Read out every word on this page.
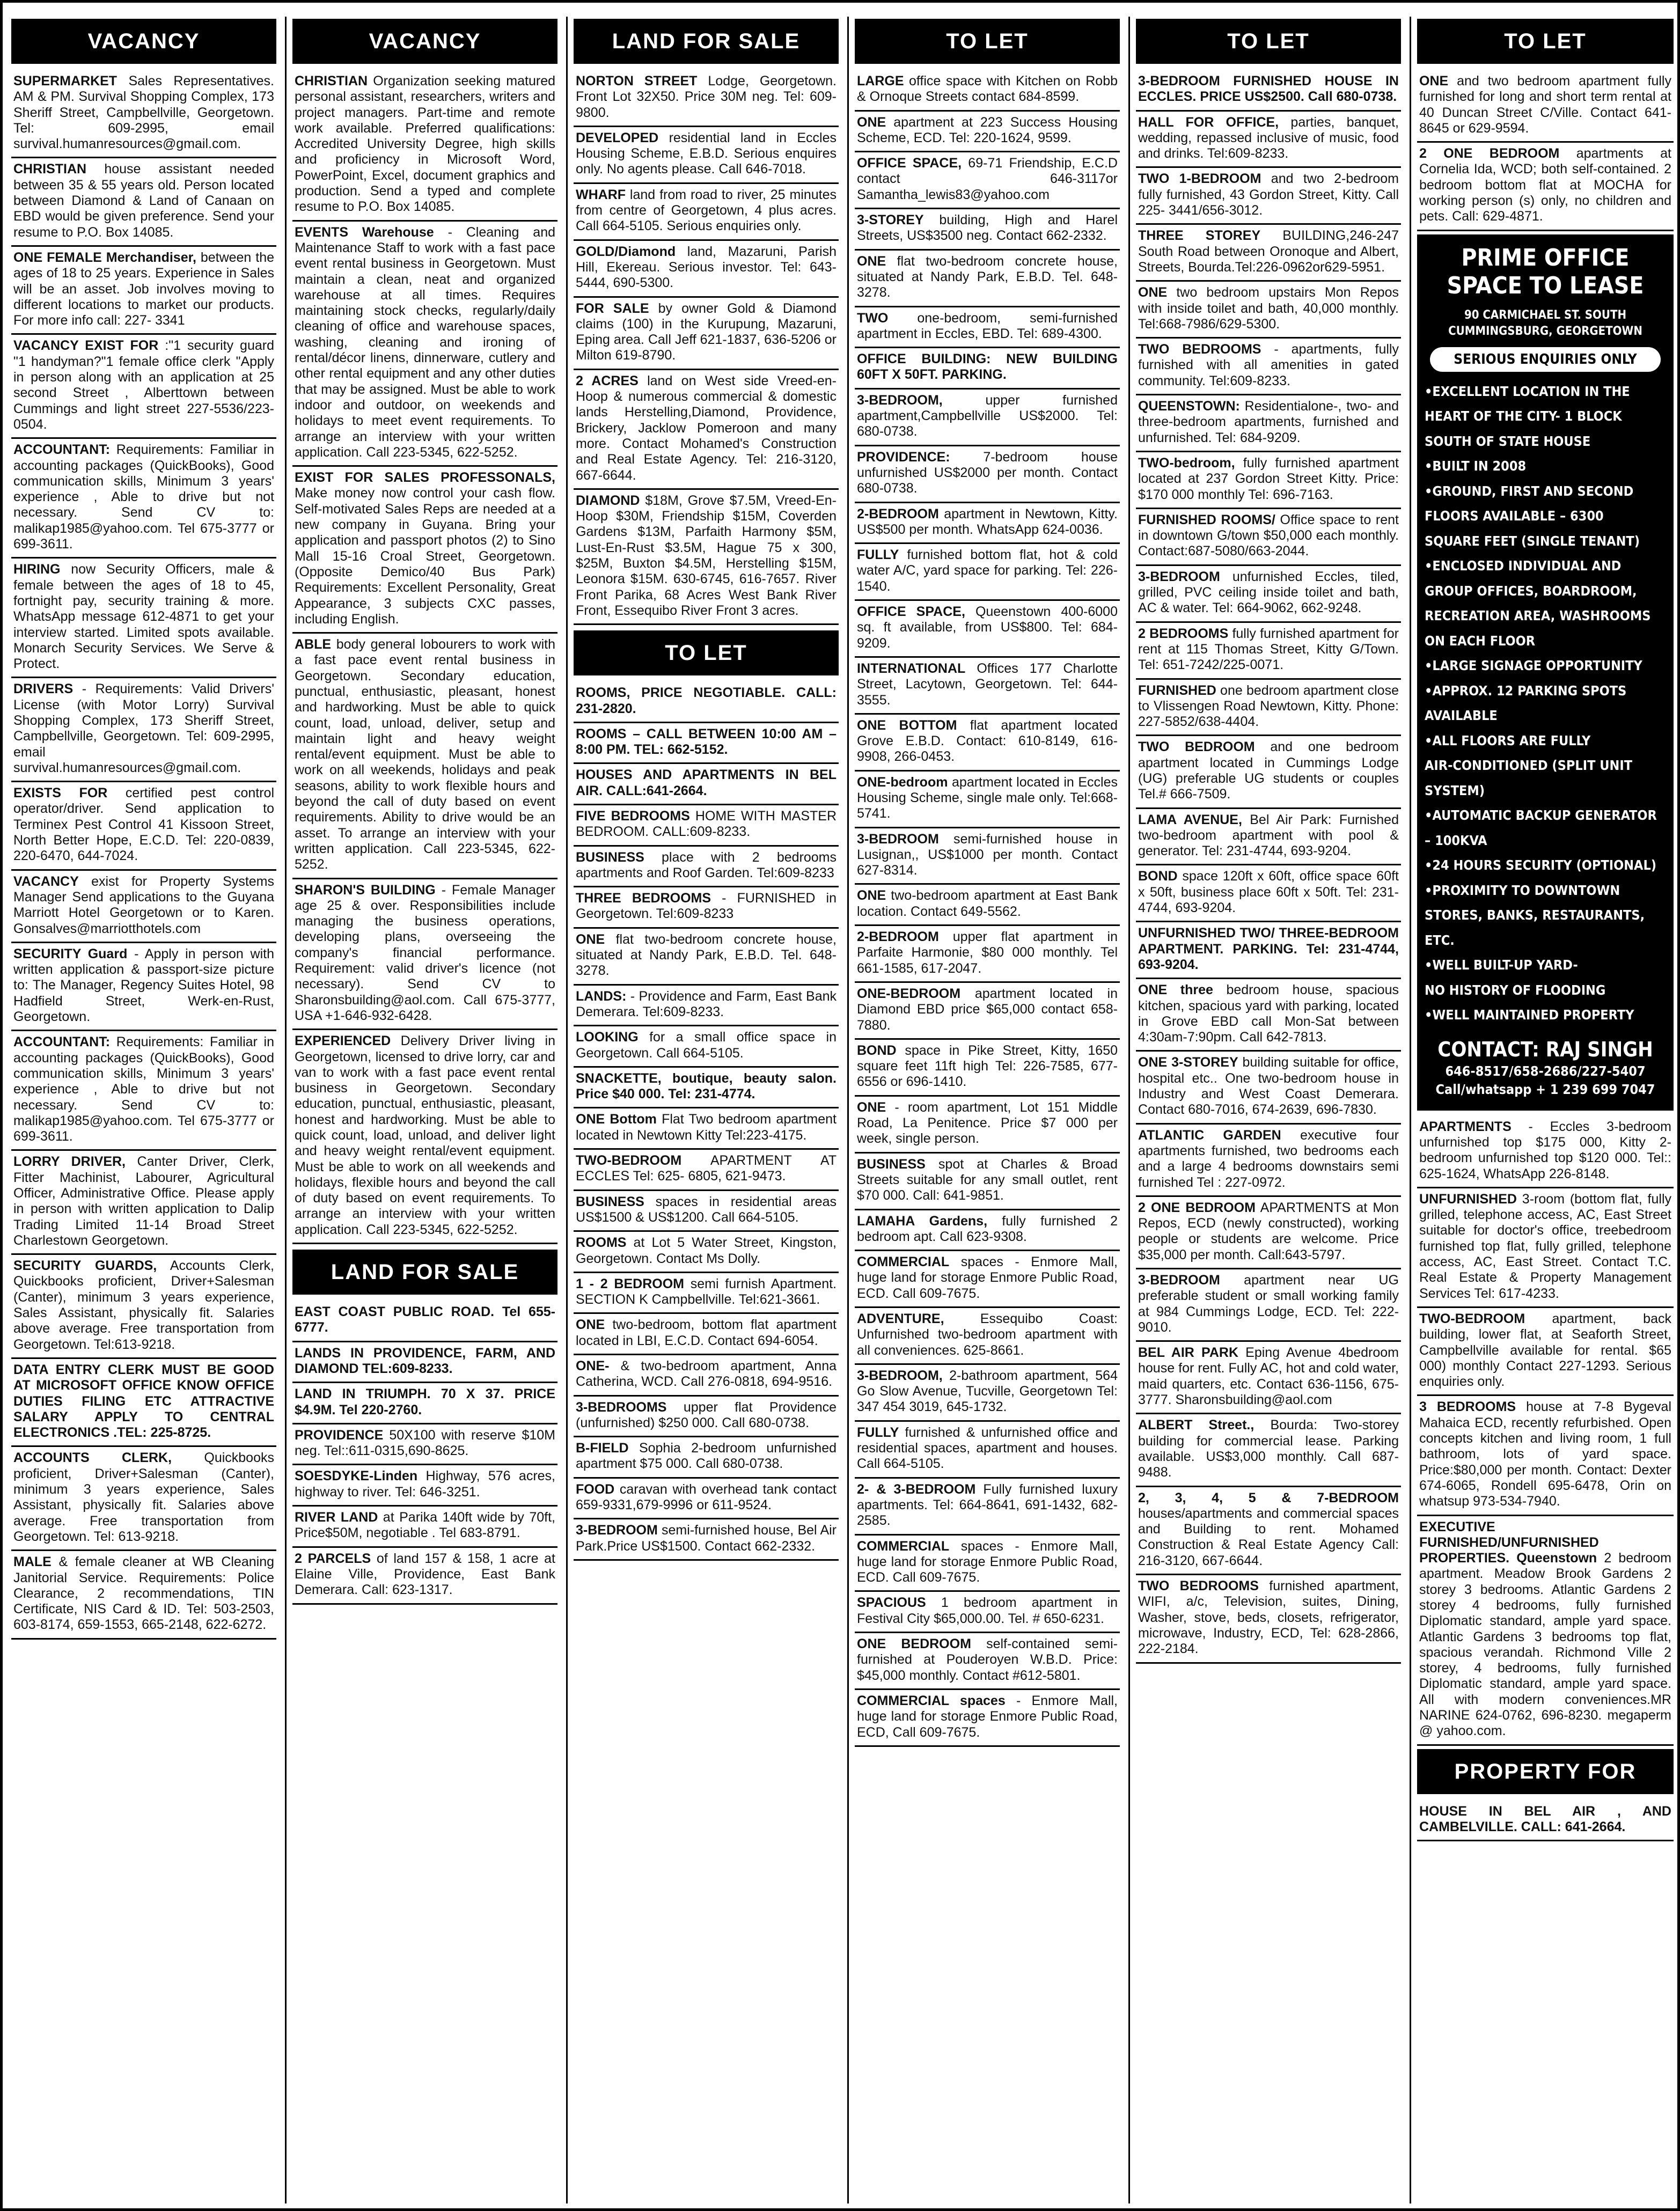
VACANCY
SUPERMARKET Sales Representatives. AM & PM. Survival Shopping Complex, 173 Sheriff Street, Campbellville, Georgetown. Tel: 609-2995, email survival.humanresources@gmail.com.
CHRISTIAN house assistant needed between 35 & 55 years old. Person located between Diamond & Land of Canaan on EBD would be given preference. Send your resume to P.O. Box 14085.
ONE FEMALE Merchandiser, between the ages of 18 to 25 years. Experience in Sales will be an asset. Job involves moving to different locations to market our products. For more info call: 227- 3341
VACANCY EXIST FOR :"1 security guard "1 handyman?"1 female office clerk "Apply in person along with an application at 25 second Street , Alberttown between Cummings and light street 227-5536/223-0504.
ACCOUNTANT: Requirements: Familiar in accounting packages (QuickBooks), Good communication skills, Minimum 3 years' experience , Able to drive but not necessary. Send CV to: malikap1985@yahoo.com. Tel 675-3777 or 699-3611.
HIRING now Security Officers, male & female between the ages of 18 to 45, fortnight pay, security training & more. WhatsApp message 612-4871 to get your interview started. Limited spots available. Monarch Security Services. We Serve & Protect.
DRIVERS - Requirements: Valid Drivers' License (with Motor Lorry) Survival Shopping Complex, 173 Sheriff Street, Campbellville, Georgetown. Tel: 609-2995, email survival.humanresources@gmail.com.
EXISTS FOR certified pest control operator/driver. Send application to Terminex Pest Control 41 Kissoon Street, North Better Hope, E.C.D. Tel: 220-0839, 220-6470, 644-7024.
VACANCY exist for Property Systems Manager Send applications to the Guyana Marriott Hotel Georgetown or to Karen. Gonsalves@marriotthotels.com
SECURITY Guard - Apply in person with written application & passport-size picture to: The Manager, Regency Suites Hotel, 98 Hadfield Street, Werk-en-Rust, Georgetown.
ACCOUNTANT: Requirements: Familiar in accounting packages (QuickBooks), Good communication skills, Minimum 3 years' experience , Able to drive but not necessary. Send CV to: malikap1985@yahoo.com. Tel 675-3777 or 699-3611.
LORRY DRIVER, Canter Driver, Clerk, Fitter Machinist, Labourer, Agricultural Officer, Administrative Office. Please apply in person with written application to Dalip Trading Limited 11-14 Broad Street Charlestown Georgetown.
SECURITY GUARDS, Accounts Clerk, Quickbooks proficient, Driver+Salesman (Canter), minimum 3 years experience, Sales Assistant, physically fit. Salaries above average. Free transportation from Georgetown. Tel:613-9218.
DATA ENTRY CLERK MUST BE GOOD AT MICROSOFT OFFICE KNOW OFFICE DUTIES FILING ETC ATTRACTIVE SALARY APPLY TO CENTRAL ELECTRONICS .TEL: 225-8725.
ACCOUNTS CLERK, Quickbooks proficient, Driver+Salesman (Canter), minimum 3 years experience, Sales Assistant, physically fit. Salaries above average. Free transportation from Georgetown. Tel: 613-9218.
MALE & female cleaner at WB Cleaning Janitorial Service. Requirements: Police Clearance, 2 recommendations, TIN Certificate, NIS Card & ID. Tel: 503-2503, 603-8174, 659-1553, 665-2148, 622-6272.
VACANCY
CHRISTIAN Organization seeking matured personal assistant, researchers, writers and project managers. Part-time and remote work available. Preferred qualifications: Accredited University Degree, high skills and proficiency in Microsoft Word, PowerPoint, Excel, document graphics and production. Send a typed and complete resume to P.O. Box 14085.
EVENTS Warehouse - Cleaning and Maintenance Staff to work with a fast pace event rental business in Georgetown. Must maintain a clean, neat and organized warehouse at all times. Requires maintaining stock checks, regularly/daily cleaning of office and warehouse spaces, washing, cleaning and ironing of rental/décor linens, dinnerware, cutlery and other rental equipment and any other duties that may be assigned. Must be able to work indoor and outdoor, on weekends and holidays to meet event requirements. To arrange an interview with your written application. Call 223-5345, 622-5252.
EXIST FOR SALES PROFESSONALS, Make money now control your cash flow. Self-motivated Sales Reps are needed at a new company in Guyana. Bring your application and passport photos (2) to Sino Mall 15-16 Croal Street, Georgetown. (Opposite Demico/40 Bus Park) Requirements: Excellent Personality, Great Appearance, 3 subjects CXC passes, including English.
ABLE body general lobourers to work with a fast pace event rental business in Georgetown. Secondary education, punctual, enthusiastic, pleasant, honest and hardworking. Must be able to quick count, load, unload, deliver, setup and maintain light and heavy weight rental/event equipment. Must be able to work on all weekends, holidays and peak seasons, ability to work flexible hours and beyond the call of duty based on event requirements. Ability to drive would be an asset. To arrange an interview with your written application. Call 223-5345, 622-5252.
SHARON'S BUILDING - Female Manager age 25 & over. Responsibilities include managing the business operations, developing plans, overseeing the company's financial performance. Requirement: valid driver's licence (not necessary). Send CV to Sharonsbuilding@aol.com. Call 675-3777, USA +1-646-932-6428.
EXPERIENCED Delivery Driver living in Georgetown, licensed to drive lorry, car and van to work with a fast pace event rental business in Georgetown. Secondary education, punctual, enthusiastic, pleasant, honest and hardworking. Must be able to quick count, load, unload, and deliver light and heavy weight rental/event equipment. Must be able to work on all weekends and holidays, flexible hours and beyond the call of duty based on event requirements. To arrange an interview with your written application. Call 223-5345, 622-5252.
LAND FOR SALE
EAST COAST PUBLIC ROAD. Tel 655-6777.
LANDS IN PROVIDENCE, FARM, AND DIAMOND TEL:609-8233.
LAND IN TRIUMPH. 70 X 37. PRICE $4.9M. Tel 220-2760.
PROVIDENCE 50X100 with reserve $10M neg. Tel::611-0315,690-8625.
SOESDYKE-Linden Highway, 576 acres, highway to river. Tel: 646-3251.
RIVER LAND at Parika 140ft wide by 70ft, Price$50M, negotiable . Tel 683-8791.
2 PARCELS of land 157 & 158, 1 acre at Elaine Ville, Providence, East Bank Demerara. Call: 623-1317.
LAND FOR SALE
NORTON STREET Lodge, Georgetown. Front Lot 32X50. Price 30M neg. Tel: 609-9800.
DEVELOPED residential land in Eccles Housing Scheme, E.B.D. Serious enquires only. No agents please. Call 646-7018.
WHARF land from road to river, 25 minutes from centre of Georgetown, 4 plus acres. Call 664-5105. Serious enquiries only.
GOLD/Diamond land, Mazaruni, Parish Hill, Ekereau. Serious investor. Tel: 643-5444, 690-5300.
FOR SALE by owner Gold & Diamond claims (100) in the Kurupung, Mazaruni, Eping area. Call Jeff 621-1837, 636-5206 or Milton 619-8790.
2 ACRES land on West side Vreed-en-Hoop & numerous commercial & domestic lands Herstelling,Diamond, Providence, Brickery, Jacklow Pomeroon and many more. Contact Mohamed's Construction and Real Estate Agency. Tel: 216-3120, 667-6644.
DIAMOND $18M, Grove $7.5M, Vreed-En-Hoop $30M, Friendship $15M, Coverden Gardens $13M, Parfaith Harmony $5M, Lust-En-Rust $3.5M, Hague 75 x 300, $25M, Buxton $4.5M, Herstelling $15M, Leonora $15M. 630-6745, 616-7657. River Front Parika, 68 Acres West Bank River Front, Essequibo River Front 3 acres.
TO LET
ROOMS, PRICE NEGOTIABLE. CALL: 231-2820.
ROOMS – CALL BETWEEN 10:00 AM – 8:00 PM. TEL: 662-5152.
HOUSES AND APARTMENTS IN BEL AIR. CALL:641-2664.
FIVE BEDROOMS HOME WITH MASTER BEDROOM. CALL:609-8233.
BUSINESS place with 2 bedrooms apartments and Roof Garden. Tel:609-8233
THREE BEDROOMS - FURNISHED in Georgetown. Tel:609-8233
ONE flat two-bedroom concrete house, situated at Nandy Park, E.B.D. Tel. 648-3278.
LANDS: - Providence and Farm, East Bank Demerara. Tel:609-8233.
LOOKING for a small office space in Georgetown. Call 664-5105.
SNACKETTE, boutique, beauty salon. Price $40 000. Tel: 231-4774.
ONE Bottom Flat Two bedroom apartment located in Newtown Kitty Tel:223-4175.
TWO-BEDROOM APARTMENT AT ECCLES Tel: 625- 6805, 621-9473.
BUSINESS spaces in residential areas US$1500 & US$1200. Call 664-5105.
ROOMS at Lot 5 Water Street, Kingston, Georgetown. Contact Ms Dolly.
1 - 2 BEDROOM semi furnish Apartment. SECTION K Campbellville. Tel:621-3661.
ONE two-bedroom, bottom flat apartment located in LBI, E.C.D. Contact 694-6054.
ONE- & two-bedroom apartment, Anna Catherina, WCD. Call 276-0818, 694-9516.
3-BEDROOMS upper flat Providence (unfurnished) $250 000. Call 680-0738.
B-FIELD Sophia 2-bedroom unfurnished apartment $75 000. Call 680-0738.
FOOD caravan with overhead tank contact 659-9331,679-9996 or 611-9524.
3-BEDROOM semi-furnished house, Bel Air Park.Price US$1500. Contact 662-2332.
TO LET
LARGE office space with Kitchen on Robb & Ornoque Streets contact 684-8599.
ONE apartment at 223 Success Housing Scheme, ECD. Tel: 220-1624, 9599.
OFFICE SPACE, 69-71 Friendship, E.C.D contact 646-3117or Samantha_lewis83@yahoo.com
3-STOREY building, High and Harel Streets, US$3500 neg. Contact 662-2332.
ONE flat two-bedroom concrete house, situated at Nandy Park, E.B.D. Tel. 648-3278.
TWO one-bedroom, semi-furnished apartment in Eccles, EBD. Tel: 689-4300.
OFFICE BUILDING: NEW BUILDING 60FT X 50FT. PARKING.
3-BEDROOM, upper furnished apartment,Campbellville US$2000. Tel: 680-0738.
PROVIDENCE: 7-bedroom house unfurnished US$2000 per month. Contact 680-0738.
2-BEDROOM apartment in Newtown, Kitty. US$500 per month. WhatsApp 624-0036.
FULLY furnished bottom flat, hot & cold water A/C, yard space for parking. Tel: 226-1540.
OFFICE SPACE, Queenstown 400-6000 sq. ft available, from US$800. Tel: 684-9209.
INTERNATIONAL Offices 177 Charlotte Street, Lacytown, Georgetown. Tel: 644-3555.
ONE BOTTOM flat apartment located Grove E.B.D. Contact: 610-8149, 616-9908, 266-0453.
ONE-bedroom apartment located in Eccles Housing Scheme, single male only. Tel:668-5741.
3-BEDROOM semi-furnished house in Lusignan,, US$1000 per month. Contact 627-8314.
ONE two-bedroom apartment at East Bank location. Contact 649-5562.
2-BEDROOM upper flat apartment in Parfaite Harmonie, $80 000 monthly. Tel 661-1585, 617-2047.
ONE-BEDROOM apartment located in Diamond EBD price $65,000 contact 658-7880.
BOND space in Pike Street, Kitty, 1650 square feet 11ft high Tel: 226-7585, 677-6556 or 696-1410.
ONE - room apartment, Lot 151 Middle Road, La Penitence. Price $7 000 per week, single person.
BUSINESS spot at Charles & Broad Streets suitable for any small outlet, rent $70 000. Call: 641-9851.
LAMAHA Gardens, fully furnished 2 bedroom apt. Call 623-9308.
COMMERCIAL spaces - Enmore Mall, huge land for storage Enmore Public Road, ECD. Call 609-7675.
ADVENTURE, Essequibo Coast: Unfurnished two-bedroom apartment with all conveniences. 625-8661.
3-BEDROOM, 2-bathroom apartment, 564 Go Slow Avenue, Tucville, Georgetown Tel: 347 454 3019, 645-1732.
FULLY furnished & unfurnished office and residential spaces, apartment and houses. Call 664-5105.
2- & 3-BEDROOM Fully furnished luxury apartments. Tel: 664-8641, 691-1432, 682-2585.
COMMERCIAL spaces - Enmore Mall, huge land for storage Enmore Public Road, ECD. Call 609-7675.
SPACIOUS 1 bedroom apartment in Festival City $65,000.00. Tel. # 650-6231.
ONE BEDROOM self-contained semi-furnished at Pouderoyen W.B.D. Price: $45,000 monthly. Contact #612-5801.
COMMERCIAL spaces - Enmore Mall, huge land for storage Enmore Public Road, ECD, Call 609-7675.
TO LET
3-BEDROOM FURNISHED HOUSE IN ECCLES. PRICE US$2500. Call 680-0738.
HALL FOR OFFICE, parties, banquet, wedding, repassed inclusive of music, food and drinks. Tel:609-8233.
TWO 1-BEDROOM and two 2-bedroom fully furnished, 43 Gordon Street, Kitty. Call 225- 3441/656-3012.
THREE STOREY BUILDING,246-247 South Road between Oronoque and Albert, Streets, Bourda.Tel:226-0962or629-5951.
ONE two bedroom upstairs Mon Repos with inside toilet and bath, 40,000 monthly. Tel:668-7986/629-5300.
TWO BEDROOMS - apartments, fully furnished with all amenities in gated community. Tel:609-8233.
QUEENSTOWN: Residentialone-, two- and three-bedroom apartments, furnished and unfurnished. Tel: 684-9209.
TWO-bedroom, fully furnished apartment located at 237 Gordon Street Kitty. Price: $170 000 monthly Tel: 696-7163.
FURNISHED ROOMS/ Office space to rent in downtown G/town $50,000 each monthly. Contact:687-5080/663-2044.
3-BEDROOM unfurnished Eccles, tiled, grilled, PVC ceiling inside toilet and bath, AC & water. Tel: 664-9062, 662-9248.
2 BEDROOMS fully furnished apartment for rent at 115 Thomas Street, Kitty G/Town. Tel: 651-7242/225-0071.
FURNISHED one bedroom apartment close to Vlissengen Road Newtown, Kitty. Phone: 227-5852/638-4404.
TWO BEDROOM and one bedroom apartment located in Cummings Lodge (UG) preferable UG students or couples Tel.# 666-7509.
LAMA AVENUE, Bel Air Park: Furnished two-bedroom apartment with pool & generator. Tel: 231-4744, 693-9204.
BOND space 120ft x 60ft, office space 60ft x 50ft, business place 60ft x 50ft. Tel: 231-4744, 693-9204.
UNFURNISHED TWO/ THREE-BEDROOM APARTMENT. PARKING. Tel: 231-4744, 693-9204.
ONE three bedroom house, spacious kitchen, spacious yard with parking, located in Grove EBD call Mon-Sat between 4:30am-7:90pm. Call 642-7813.
ONE 3-STOREY building suitable for office, hospital etc.. One two-bedroom house in Industry and West Coast Demerara. Contact 680-7016, 674-2639, 696-7830.
ATLANTIC GARDEN executive four apartments furnished, two bedrooms each and a large 4 bedrooms downstairs semi furnished Tel : 227-0972.
2 ONE BEDROOM APARTMENTS at Mon Repos, ECD (newly constructed), working people or students are welcome. Price $35,000 per month. Call:643-5797.
3-BEDROOM apartment near UG preferable student or small working family at 984 Cummings Lodge, ECD. Tel: 222-9010.
BEL AIR PARK Eping Avenue 4bedroom house for rent. Fully AC, hot and cold water, maid quarters, etc. Contact 636-1156, 675-3777. Sharonsbuilding@aol.com
ALBERT Street., Bourda: Two-storey building for commercial lease. Parking available. US$3,000 monthly. Call 687-9488.
2, 3, 4, 5 & 7-BEDROOM houses/apartments and commercial spaces and Building to rent. Mohamed Construction & Real Estate Agency Call: 216-3120, 667-6644.
TWO BEDROOMS furnished apartment, WIFI, a/c, Television, suites, Dining, Washer, stove, beds, closets, refrigerator, microwave, Industry, ECD, Tel: 628-2866, 222-2184.
TO LET
ONE and two bedroom apartment fully furnished for long and short term rental at 40 Duncan Street C/Ville. Contact 641-8645 or 629-9594.
2 ONE BEDROOM apartments at Cornelia Ida, WCD; both self-contained. 2 bedroom bottom flat at MOCHA for working person (s) only, no children and pets. Call: 629-4871.
PRIME OFFICE SPACE TO LEASE
90 CARMICHAEL ST. SOUTH CUMMINGSBURG, GEORGETOWN
SERIOUS ENQUIRIES ONLY
•EXCELLENT LOCATION IN THE
HEART OF THE CITY- 1 BLOCK
SOUTH OF STATE HOUSE
•BUILT IN 2008
•GROUND, FIRST AND SECOND
FLOORS AVAILABLE – 6300
SQUARE FEET (SINGLE TENANT)
•ENCLOSED INDIVIDUAL AND
GROUP OFFICES, BOARDROOM,
RECREATION AREA, WASHROOMS
ON EACH FLOOR
•LARGE SIGNAGE OPPORTUNITY
•APPROX. 12 PARKING SPOTS
AVAILABLE
•ALL FLOORS ARE FULLY
AIR-CONDITIONED (SPLIT UNIT
SYSTEM)
•AUTOMATIC BACKUP GENERATOR
– 100KVA
•24 HOURS SECURITY (OPTIONAL)
•PROXIMITY TO DOWNTOWN
STORES, BANKS, RESTAURANTS,
ETC.
•WELL BUILT-UP YARD-
NO HISTORY OF FLOODING
•WELL MAINTAINED PROPERTY
CONTACT: RAJ SINGH
646-8517/658-2686/227-5407
Call/whatsapp + 1 239 699 7047
APARTMENTS - Eccles 3-bedroom unfurnished top $175 000, Kitty 2-bedroom unfurnished top $120 000. Tel:: 625-1624, WhatsApp 226-8148.
UNFURNISHED 3-room (bottom flat, fully grilled, telephone access, AC, East Street suitable for doctor's office, treebedroom furnished top flat, fully grilled, telephone access, AC, East Street. Contact T.C. Real Estate & Property Management Services Tel: 617-4233.
TWO-BEDROOM apartment, back building, lower flat, at Seaforth Street, Campbellville available for rental. $65 000) monthly Contact 227-1293. Serious enquiries only.
3 BEDROOMS house at 7-8 Bygeval Mahaica ECD, recently refurbished. Open concepts kitchen and living room, 1 full bathroom, lots of yard space. Price:$80,000 per month. Contact: Dexter 674-6065, Rondell 695-6478, Orin on whatsup 973-534-7940.
EXECUTIVE FURNISHED/UNFURNISHED PROPERTIES. Queenstown 2 bedroom apartment. Meadow Brook Gardens 2 storey 3 bedrooms. Atlantic Gardens 2 storey 4 bedrooms, fully furnished Diplomatic standard, ample yard space. Atlantic Gardens 3 bedrooms top flat, spacious verandah. Richmond Ville 2 storey, 4 bedrooms, fully furnished Diplomatic standard, ample yard space. All with modern conveniences.MR NARINE 624-0762, 696-8230. megaperm @ yahoo.com.
PROPERTY FOR
HOUSE IN BEL AIR , AND CAMBELVILLE. CALL: 641-2664.
